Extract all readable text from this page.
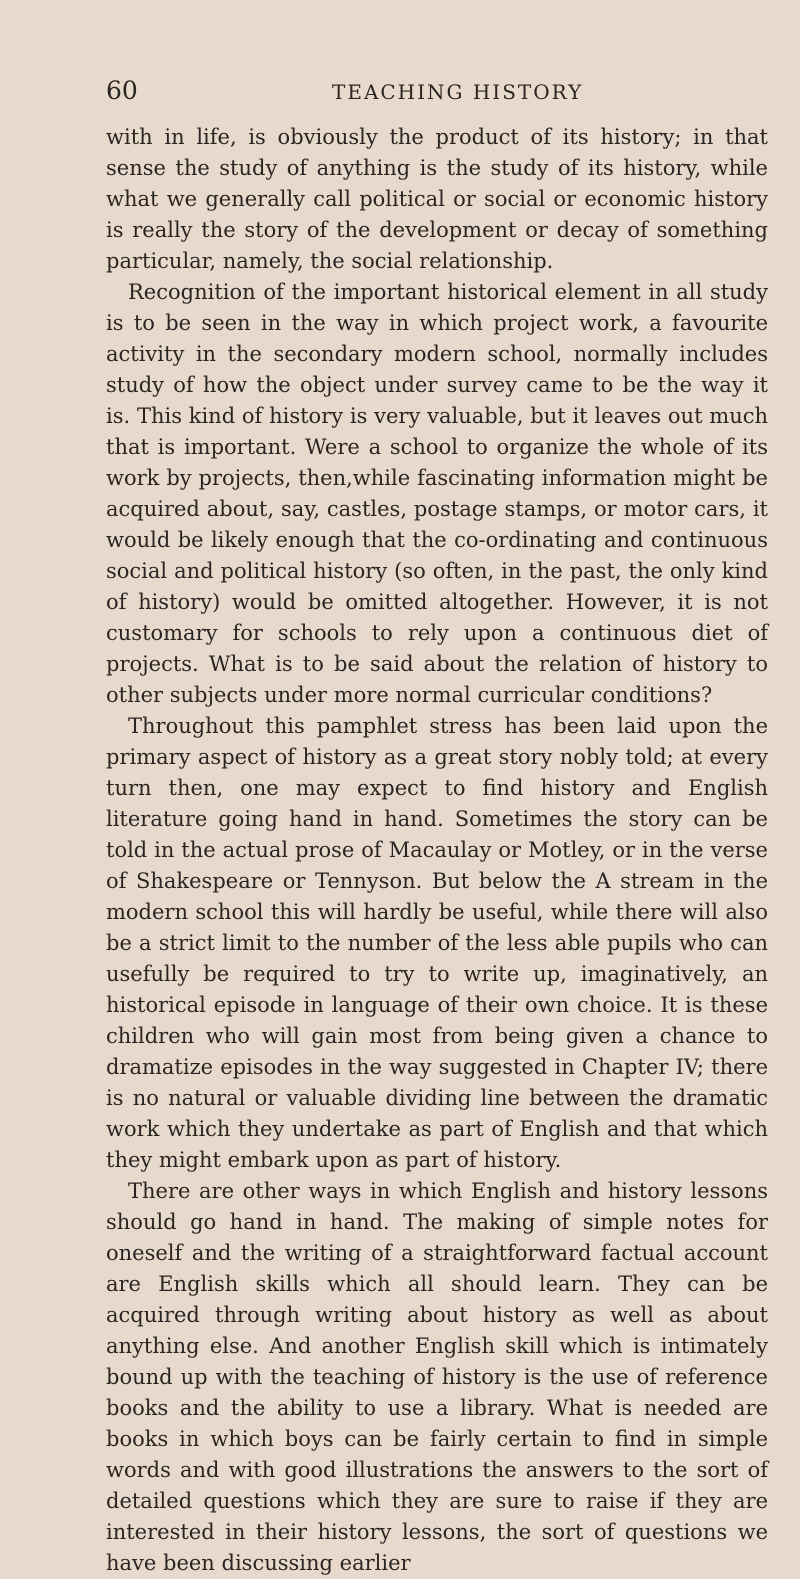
60	TEACHING HISTORY

with in life, is obviously the product of its history; in that sense the study of anything is the study of its history, while what we generally call political or social or economic history is really the story of the development or decay of something particular, namely, the social relationship.

Recognition of the important historical element in all study is to be seen in the way in which project work, a favourite activity in the secondary modern school, normally includes study of how the object under survey came to be the way it is. This kind of history is very valuable, but it leaves out much that is important. Were a school to organize the whole of its work by projects, then,while fascinating information might be acquired about, say, castles, postage stamps, or motor cars, it would be likely enough that the co-ordinating and continuous social and political history (so often, in the past, the only kind of history) would be omitted altogether. However, it is not customary for schools to rely upon a continuous diet of projects. What is to be said about the relation of history to other subjects under more normal curricular conditions?

Throughout this pamphlet stress has been laid upon the primary aspect of history as a great story nobly told; at every turn then, one may expect to find history and English literature going hand in hand. Sometimes the story can be told in the actual prose of Macaulay or Motley, or in the verse of Shakespeare or Tennyson. But below the A stream in the modern school this will hardly be useful, while there will also be a strict limit to the number of the less able pupils who can usefully be required to try to write up, imaginatively, an historical episode in language of their own choice. It is these children who will gain most from being given a chance to dramatize episodes in the way suggested in Chapter IV; there is no natural or valuable dividing line between the dramatic work which they undertake as part of English and that which they might embark upon as part of history.

There are other ways in which English and history lessons should go hand in hand. The making of simple notes for oneself and the writing of a straightforward factual account are English skills which all should learn. They can be acquired through writing about history as well as about anything else. And another English skill which is intimately bound up with the teaching of history is the use of reference books and the ability to use a library. What is needed are books in which boys can be fairly certain to find in simple words and with good illustrations the answers to the sort of detailed questions which they are sure to raise if they are interested in their history lessons, the sort of questions we have been discussing earlier
